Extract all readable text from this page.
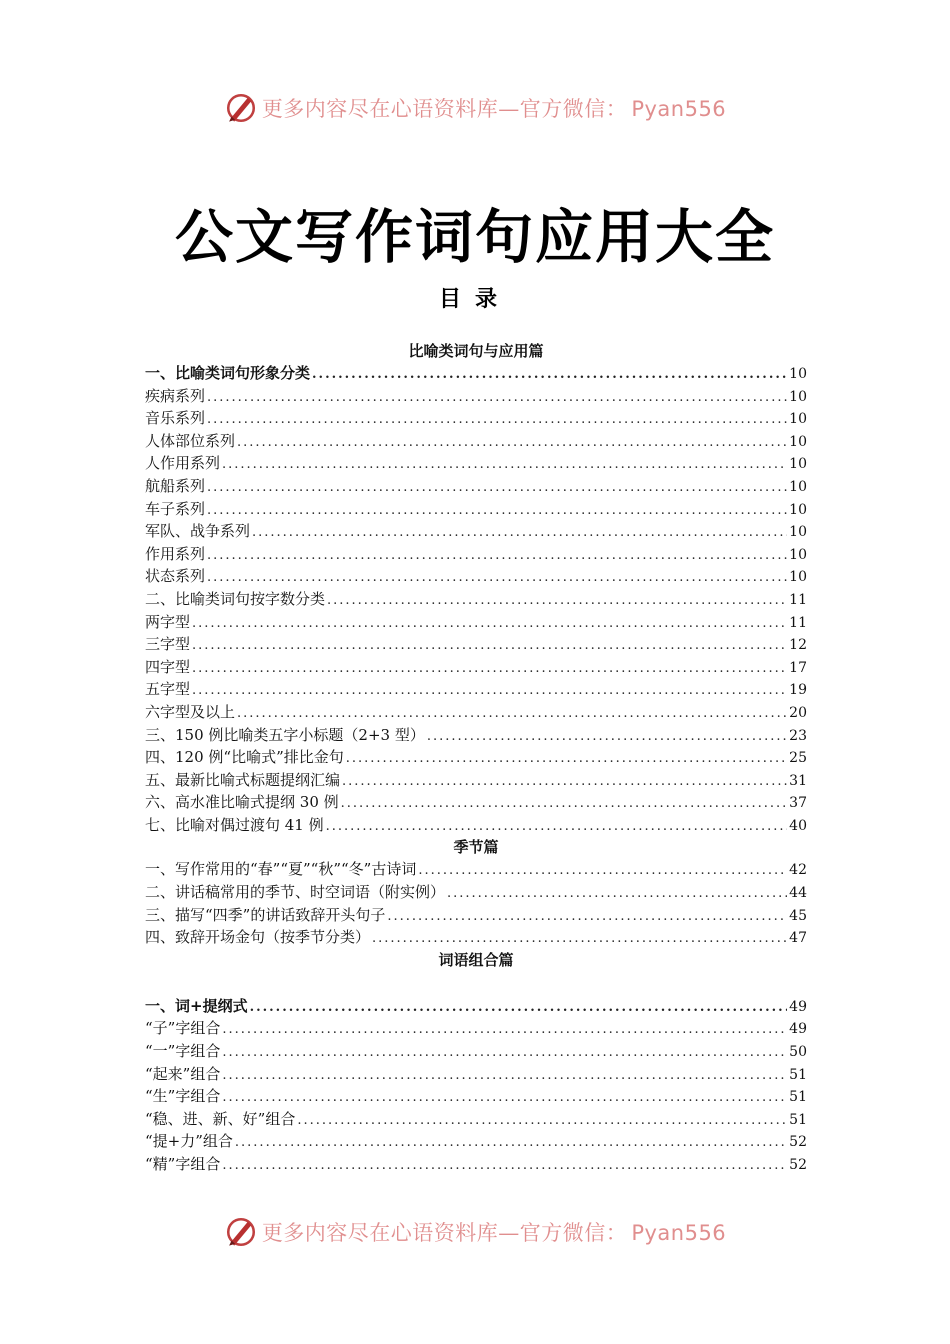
更多内容尽在心语资料库—官方微信： Pyan556
公文写作词句应用大全
目录
比喻类词句与应用篇
一、比喻类词句形象分类 .....	10
疾病系列 .....	10
音乐系列 .....	10
人体部位系列 .....	10
人作用系列 .....	10
航船系列 .....	10
车子系列 .....	10
军队、战争系列 .....	10
作用系列 .....	10
状态系列 .....	10
二、比喻类词句按字数分类 .....	11
两字型 .....	11
三字型 .....	12
四字型 .....	17
五字型 .....	19
六字型及以上 .....	20
三、150 例比喻类五字小标题（2+3 型） .....	23
四、120 例“比喻式”排比金句 .....	25
五、最新比喻式标题提纲汇编 .....	31
六、高水准比喻式提纲 30 例 .....	37
七、比喻对偶过渡句 41 例 .....	40
季节篇
一、写作常用的“春”“夏”“秋”“冬”古诗词 .....	42
二、讲话稿常用的季节、时空词语（附实例） .....	44
三、描写“四季”的讲话致辞开头句子 .....	45
四、致辞开场金句（按季节分类） .....	47
词语组合篇
一、词+提纲式 .....	49
“子”字组合 .....	49
“一”字组合 .....	50
“起来”组合 .....	51
“生”字组合 .....	51
“稳、进、新、好”组合 .....	51
“提+力”组合 .....	52
“精”字组合 .....	52
更多内容尽在心语资料库—官方微信： Pyan556
